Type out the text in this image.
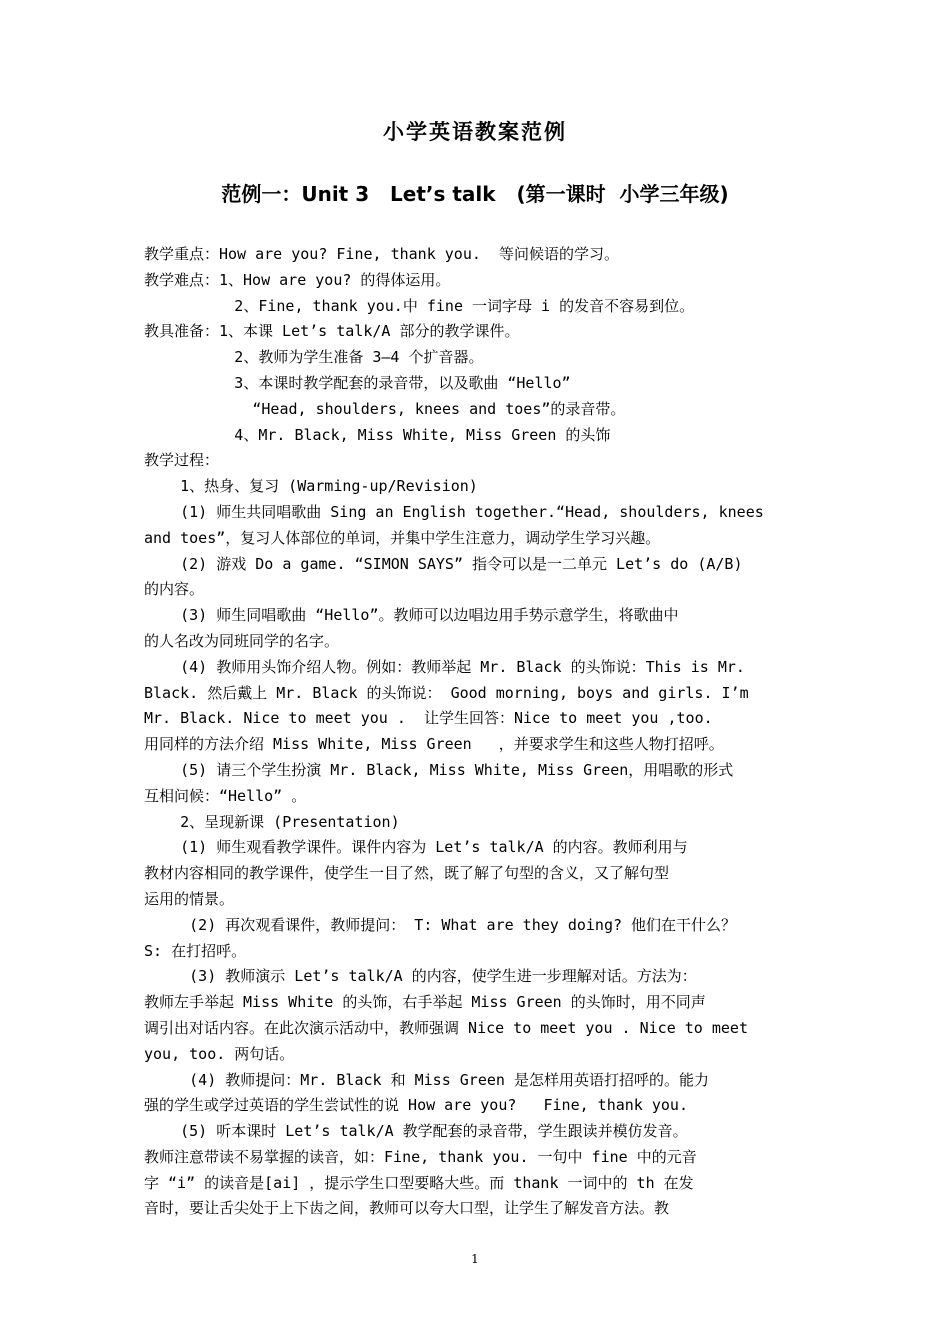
小学英语教案范例
范例一：Unit 3   Let’s talk   (第一课时  小学三年级)
教学重点：How are you? Fine, thank you.  等问候语的学习。
教学难点：1、How are you? 的得体运用。
2、Fine, thank you.中 fine 一词字母 i 的发音不容易到位。
教具准备：1、本课 Let’s talk/A 部分的教学课件。
2、教师为学生准备 3—4 个扩音器。
3、本课时教学配套的录音带，以及歌曲 “Hello”
“Head, shoulders, knees and toes”的录音带。
4、Mr. Black, Miss White, Miss Green 的头饰
教学过程：
1、热身、复习 (Warming-up/Revision)
(1) 师生共同唱歌曲 Sing an English together.“Head, shoulders, knees
and toes”，复习人体部位的单词，并集中学生注意力，调动学生学习兴趣。
(2) 游戏 Do a game. “SIMON SAYS” 指令可以是一二单元 Let’s do (A/B)
的内容。
(3) 师生同唱歌曲 “Hello”。教师可以边唱边用手势示意学生，将歌曲中
的人名改为同班同学的名字。
(4) 教师用头饰介绍人物。例如：教师举起 Mr. Black 的头饰说：This is Mr.
Black. 然后戴上 Mr. Black 的头饰说： Good morning, boys and girls. I’m
Mr. Black. Nice to meet you .  让学生回答：Nice to meet you ,too.
用同样的方法介绍 Miss White, Miss Green   ，并要求学生和这些人物打招呼。
(5) 请三个学生扮演 Mr. Black, Miss White, Miss Green，用唱歌的形式
互相问候：“Hello” 。
2、呈现新课 (Presentation)
(1) 师生观看教学课件。课件内容为 Let’s talk/A 的内容。教师利用与
教材内容相同的教学课件，使学生一目了然，既了解了句型的含义，又了解句型
运用的情景。
(2) 再次观看课件，教师提问： T: What are they doing? 他们在干什么？
S: 在打招呼。
(3) 教师演示 Let’s talk/A 的内容，使学生进一步理解对话。方法为：
教师左手举起 Miss White 的头饰，右手举起 Miss Green 的头饰时，用不同声
调引出对话内容。在此次演示活动中，教师强调 Nice to meet you . Nice to meet
you, too. 两句话。
(4) 教师提问：Mr. Black 和 Miss Green 是怎样用英语打招呼的。能力
强的学生或学过英语的学生尝试性的说 How are you?   Fine, thank you.
(5) 听本课时 Let’s talk/A 教学配套的录音带，学生跟读并模仿发音。
教师注意带读不易掌握的读音，如：Fine, thank you. 一句中 fine 中的元音
字 “i” 的读音是[ai] ，提示学生口型要略大些。而 thank 一词中的 th 在发
音时，要让舌尖处于上下齿之间，教师可以夸大口型，让学生了解发音方法。教
1
